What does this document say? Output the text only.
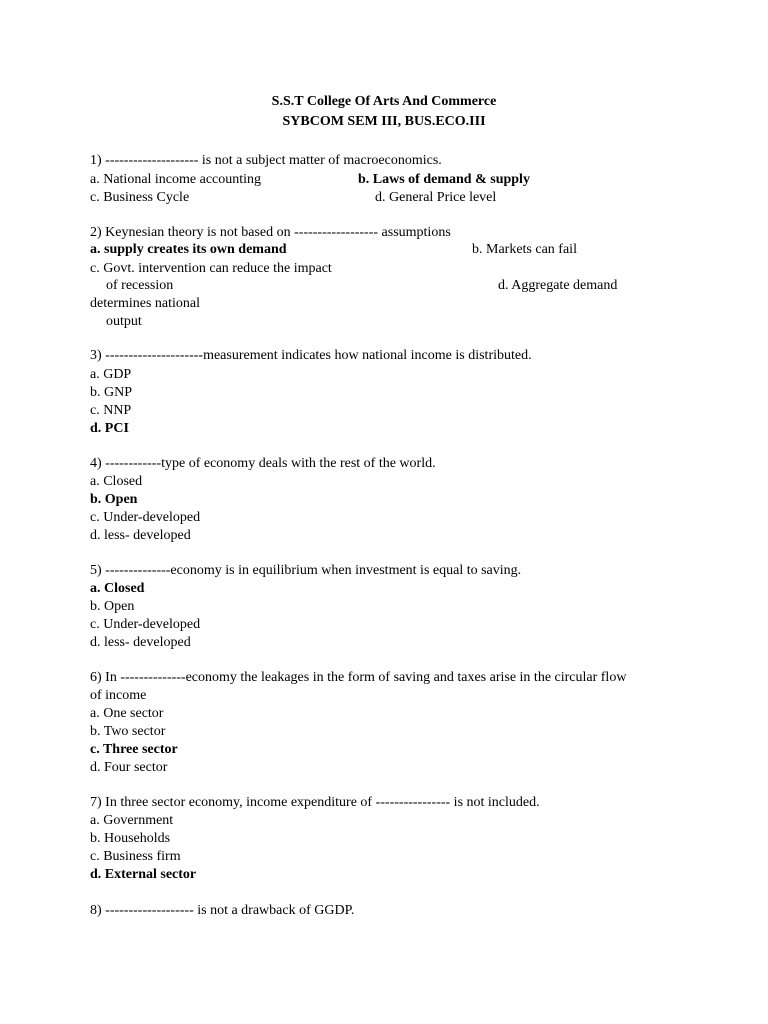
S.S.T College Of Arts And Commerce
SYBCOM SEM III, BUS.ECO.III
1) -------------------- is not a subject matter of macroeconomics.
a. National income accounting	b. Laws of demand & supply
c. Business Cycle	d. General Price level
2) Keynesian theory is not based on ------------------ assumptions
a. supply creates its own demand	b. Markets can fail
c. Govt. intervention can reduce the impact
of recession	d. Aggregate demand
determines national
output
3) ---------------------measurement indicates how national income is distributed.
a. GDP
b. GNP
c. NNP
d. PCI
4) ------------type of economy deals with the rest of the world.
a. Closed
b. Open
c. Under-developed
d. less- developed
5) --------------economy is in equilibrium when investment is equal to saving.
a. Closed
b. Open
c. Under-developed
d. less- developed
6) In --------------economy the leakages in the form of saving and taxes arise in the circular flow
of income
a. One sector
b. Two sector
c. Three sector
d. Four sector
7) In three sector economy, income expenditure of ---------------- is not included.
a. Government
b. Households
c. Business firm
d. External sector
8) ------------------- is not a drawback of GGDP.
